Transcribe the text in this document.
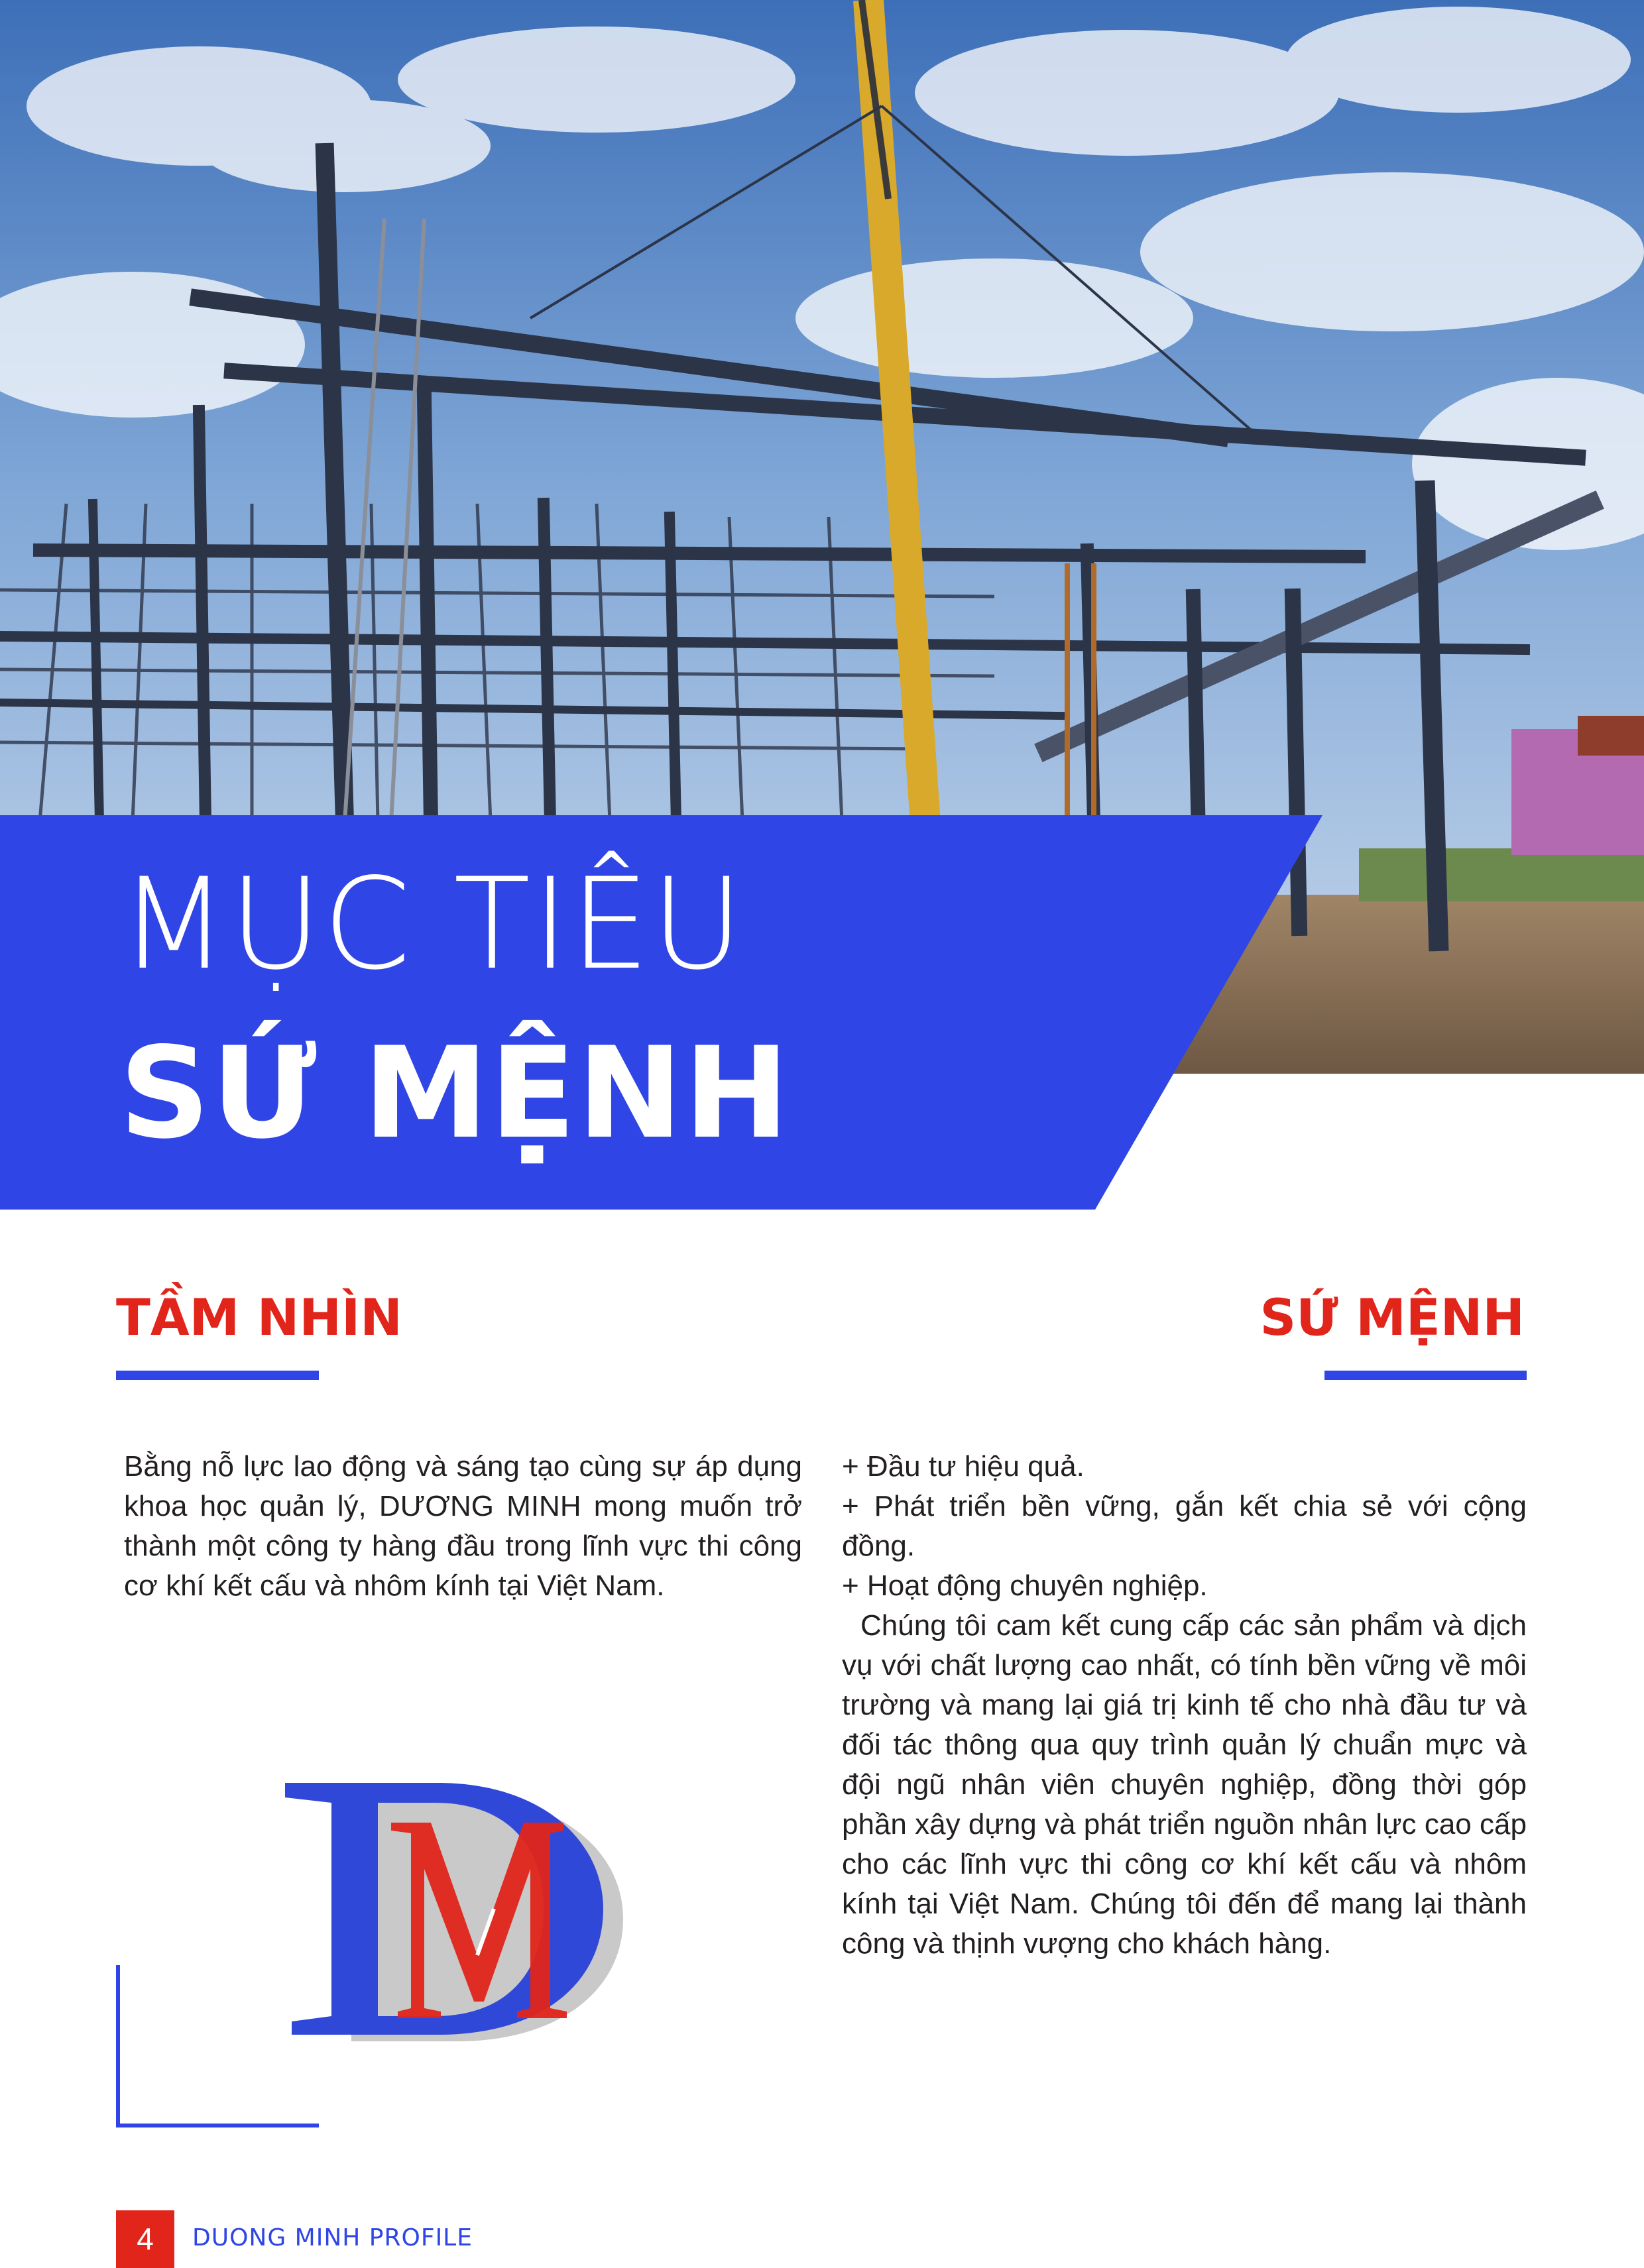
MỤC TIÊU
SỨ MỆNH
TẦM NHÌN

Bằng nỗ lực lao động và sáng tạo cùng sự áp dụng khoa học quản lý, DƯƠNG MINH mong muốn trở thành một công ty hàng đầu trong lĩnh vực thi công cơ khí kết cấu và nhôm kính tại Việt Nam.

SỨ MỆNH

+ Đầu tư hiệu quả.

+ Phát triển bền vững, gắn kết chia sẻ với cộng đồng.

+ Hoạt động chuyên nghiệp.

Chúng tôi cam kết cung cấp các sản phẩm và dịch vụ với chất lượng cao nhất, có tính bền vững về môi trường và mang lại giá trị kinh tế cho nhà đầu tư và đối tác thông qua quy trình quản lý chuẩn mực và đội ngũ nhân viên chuyên nghiệp, đồng thời góp phần xây dựng và phát triển nguồn nhân lực cao cấp cho các lĩnh vực thi công cơ khí kết cấu và nhôm kính tại Việt Nam. Chúng tôi đến để mang lại thành công và thịnh vượng cho khách hàng.

4	DUONG MINH PROFILE
